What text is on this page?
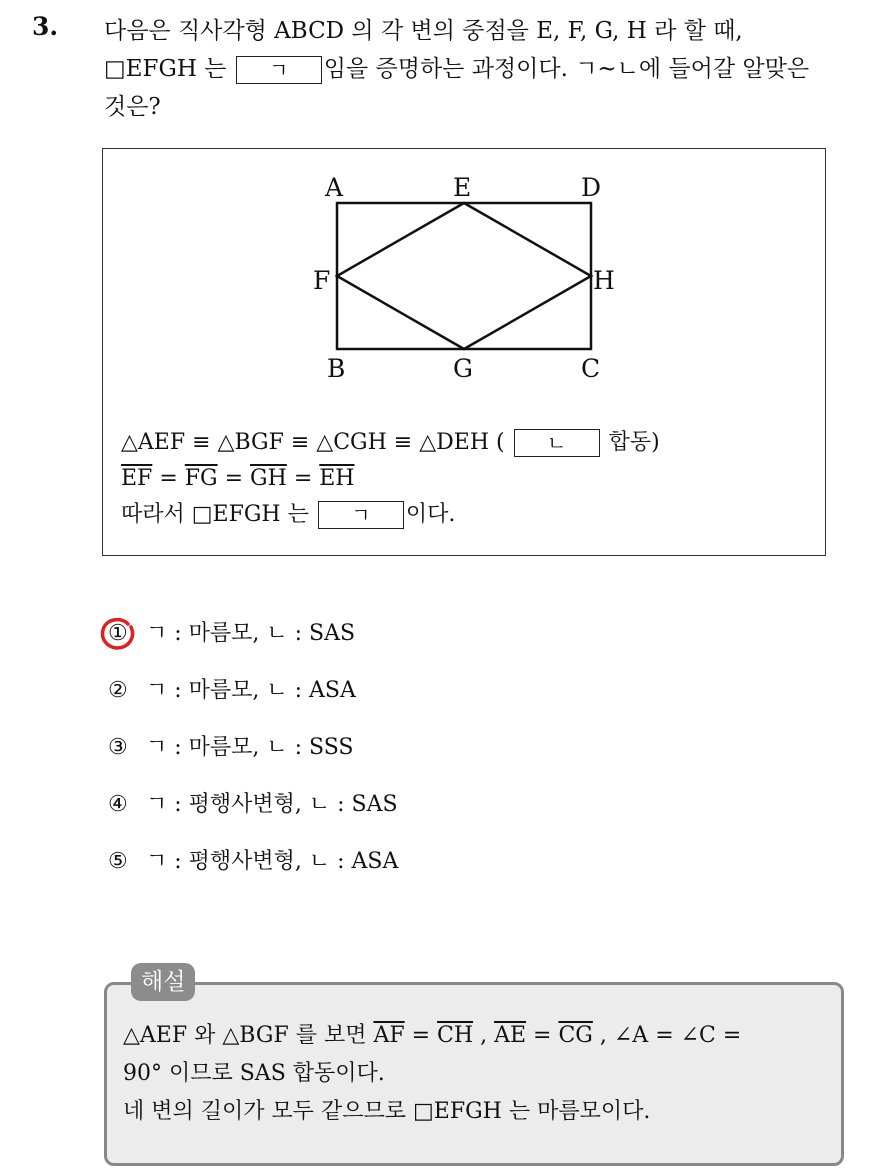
3. 다음은 직사각형 ABCD 의 각 변의 중점을 E, F, G, H 라 할 때,
□EFGH 는 ㄱ 임을 증명하는 과정이다. ㄱ~ㄴ에 들어갈 알맞은
것은?
A	E	D
F	H
B	G	C
△AEF ≡ △BGF ≡ △CGH ≡ △DEH ( ㄴ 합동)
$\overline{EF} = \overline{FG} = \overline{GH} = \overline{EH}$
따라서 □EFGH 는 ㄱ 이다.
① ㄱ : 마름모, ㄴ : SAS
② ㄱ : 마름모, ㄴ : ASA
③ ㄱ : 마름모, ㄴ : SSS
④ ㄱ : 평행사변형, ㄴ : SAS
⑤ ㄱ : 평행사변형, ㄴ : ASA
해설
△AEF 와 △BGF 를 보면 $\overline{AF} = \overline{CH}$ , $\overline{AE} = \overline{CG}$ , ∠A = ∠C =
90° 이므로 SAS 합동이다.
네 변의 길이가 모두 같으므로 □EFGH 는 마름모이다.
